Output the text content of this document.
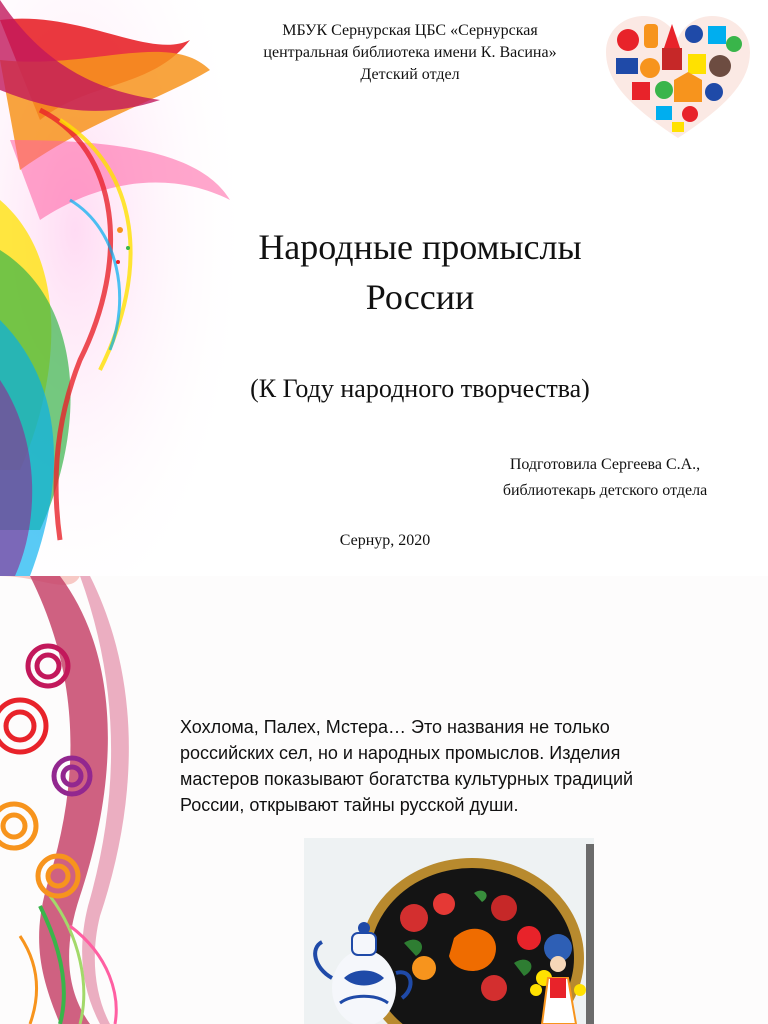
МБУК Сернурская ЦБС «Сернурская
центральная библиотека имени К. Васина»
Детский отдел
Народные промыслы
России
(К Году народного творчества)
Подготовила Сергеева С.А.,
библиотекарь детского отдела
Сернур, 2020
Хохлома, Палех, Мстера… Это названия не только
российских сел, но и народных промыслов. Изделия
мастеров показывают богатства культурных традиций
России, открывают тайны русской души.
